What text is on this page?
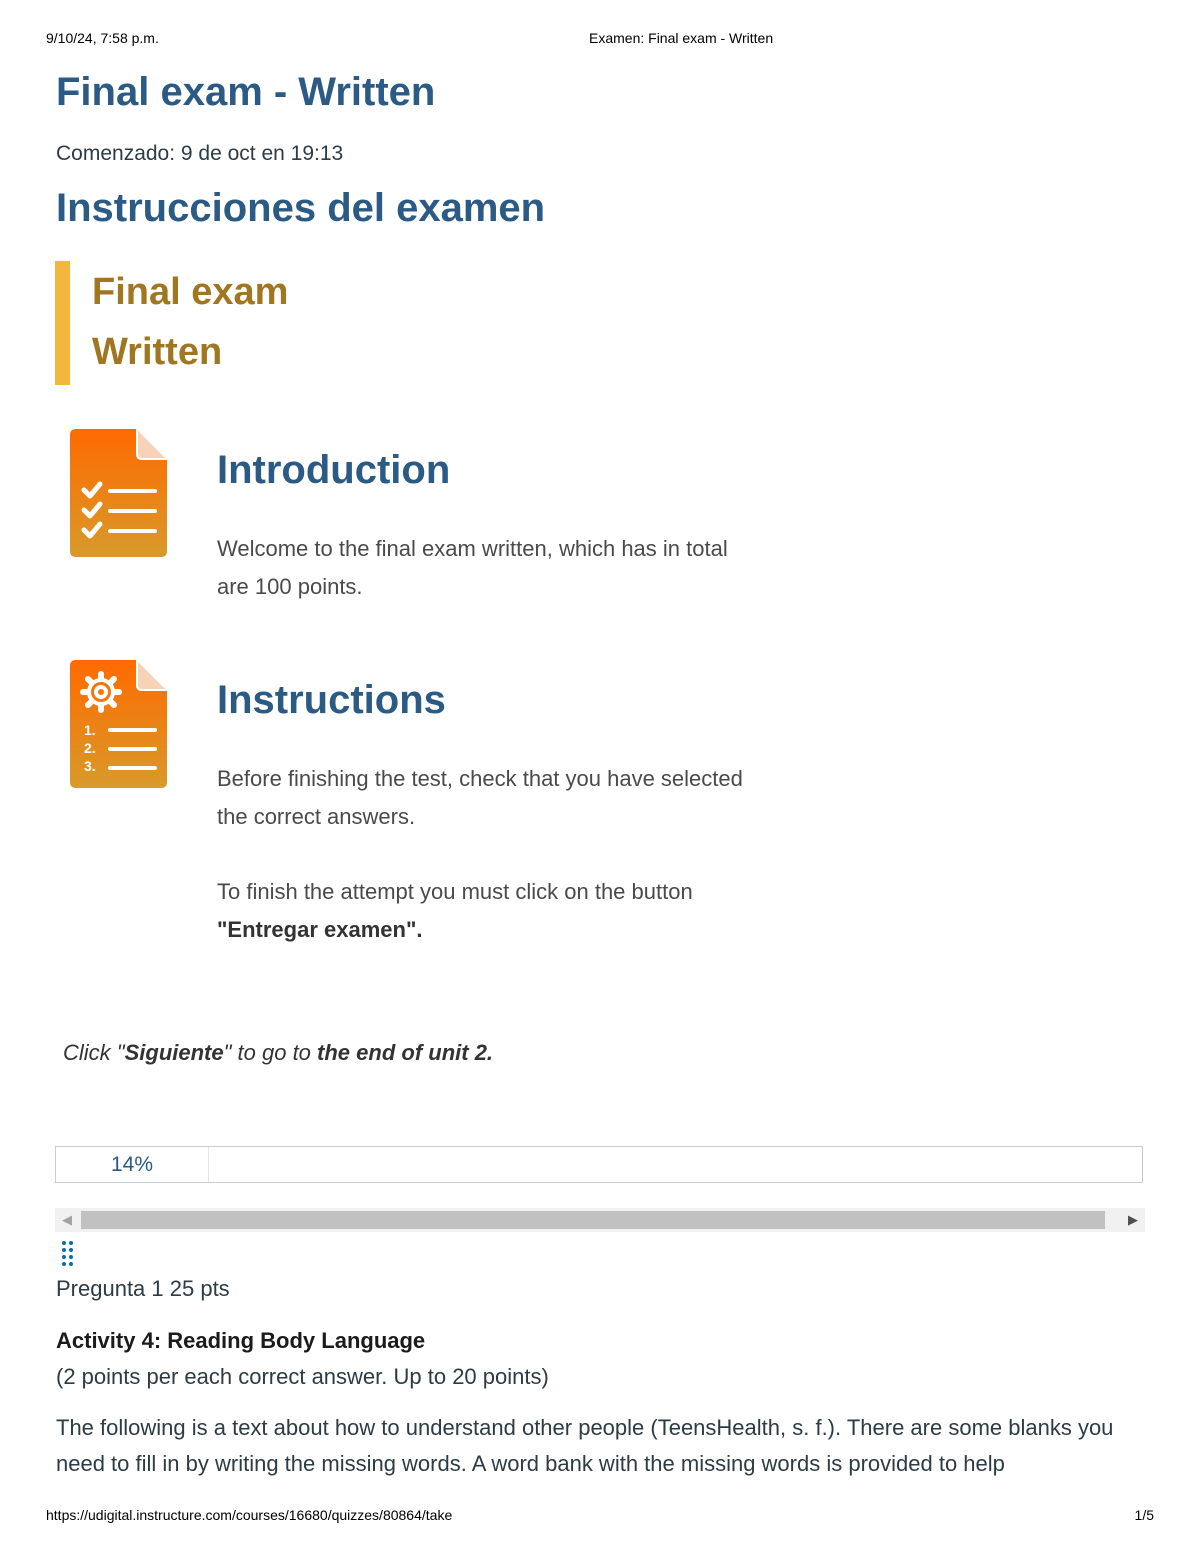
9/10/24, 7:58 p.m.	Examen: Final exam - Written
Final exam - Written
Comenzado: 9 de oct en 19:13
Instrucciones del examen
Final exam
Written
Introduction

Welcome to the final exam written, which has in total are 100 points.

1.
2.
3.
Instructions

Before finishing the test, check that you have selected the correct answers.

To finish the attempt you must click on the button "Entregar examen".

Click "Siguiente" to go to the end of unit 2.
14%
◀	▶
Pregunta 1 25 pts
Activity 4: Reading Body Language
(2 points per each correct answer. Up to 20 points)
The following is a text about how to understand other people (TeensHealth, s. f.). There are some blanks you need to fill in by writing the missing words. A word bank with the missing words is provided to help
https://udigital.instructure.com/courses/16680/quizzes/80864/take	1/5
